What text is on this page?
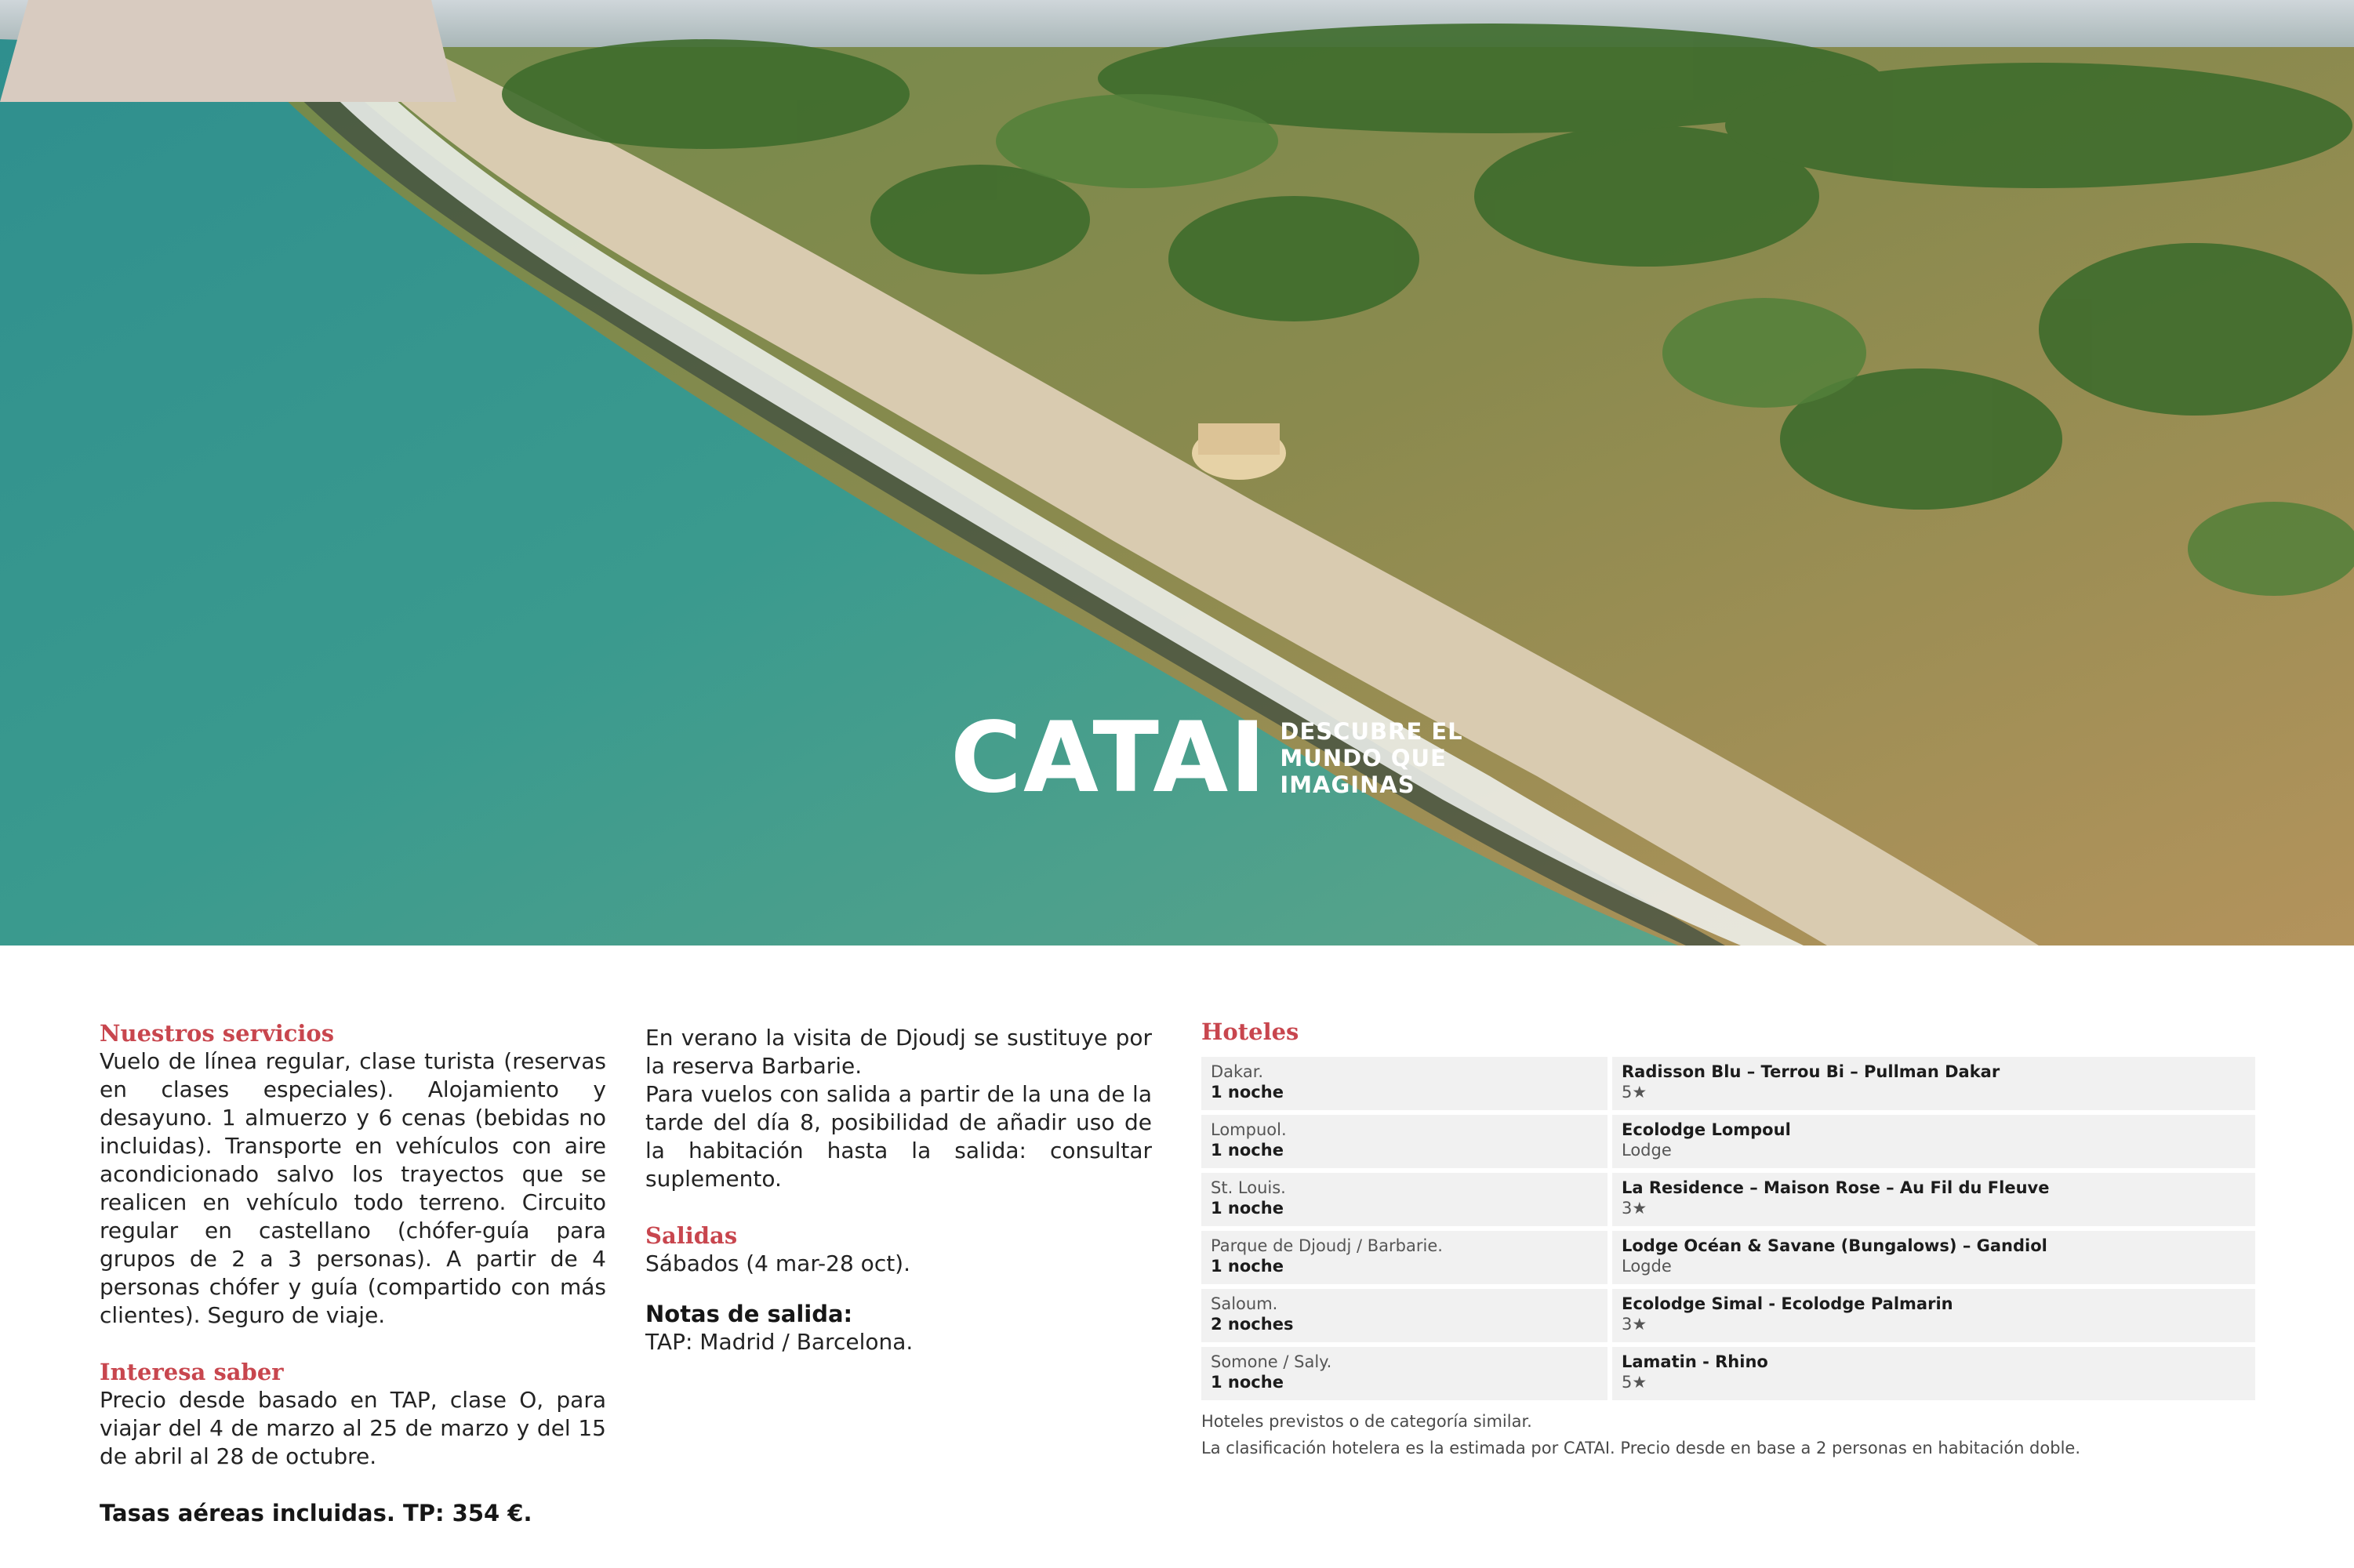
CATAI DESCUBRE EL
MUNDO QUE
IMAGINAS
Nuestros servicios
Vuelo de línea regular, clase turista (reservas en clases especiales). Alojamiento y desayuno. 1 almuerzo y 6 cenas (bebidas no incluidas). Transporte en vehículos con aire acondicionado salvo los trayectos que se realicen en vehículo todo terreno. Circuito regular en castellano (chófer-guía para grupos de 2 a 3 personas). A partir de 4 personas chófer y guía (compartido con más clientes). Seguro de viaje.
Interesa saber
Precio desde basado en TAP, clase O, para viajar del 4 de marzo al 25 de marzo y del 15 de abril al 28 de octubre.
Tasas aéreas incluidas. TP: 354 €.
En verano la visita de Djoudj se sustituye por la reserva Barbarie.
Para vuelos con salida a partir de la una de la tarde del día 8, posibilidad de añadir uso de la habitación hasta la salida: consultar suplemento.
Salidas
Sábados (4 mar-28 oct).
Notas de salida:
TAP: Madrid / Barcelona.
Hoteles
Dakar.
1 noche
Radisson Blu – Terrou Bi – Pullman Dakar
5★
Lompuol.
1 noche
Ecolodge Lompoul
Lodge
St. Louis.
1 noche
La Residence – Maison Rose – Au Fil du Fleuve
3★
Parque de Djoudj / Barbarie.
1 noche
Lodge Océan & Savane (Bungalows) – Gandiol
Logde
Saloum.
2 noches
Ecolodge Simal - Ecolodge Palmarin
3★
Somone / Saly.
1 noche
Lamatin - Rhino
5★
Hoteles previstos o de categoría similar.
La clasificación hotelera es la estimada por CATAI. Precio desde en base a 2 personas en habitación doble.
